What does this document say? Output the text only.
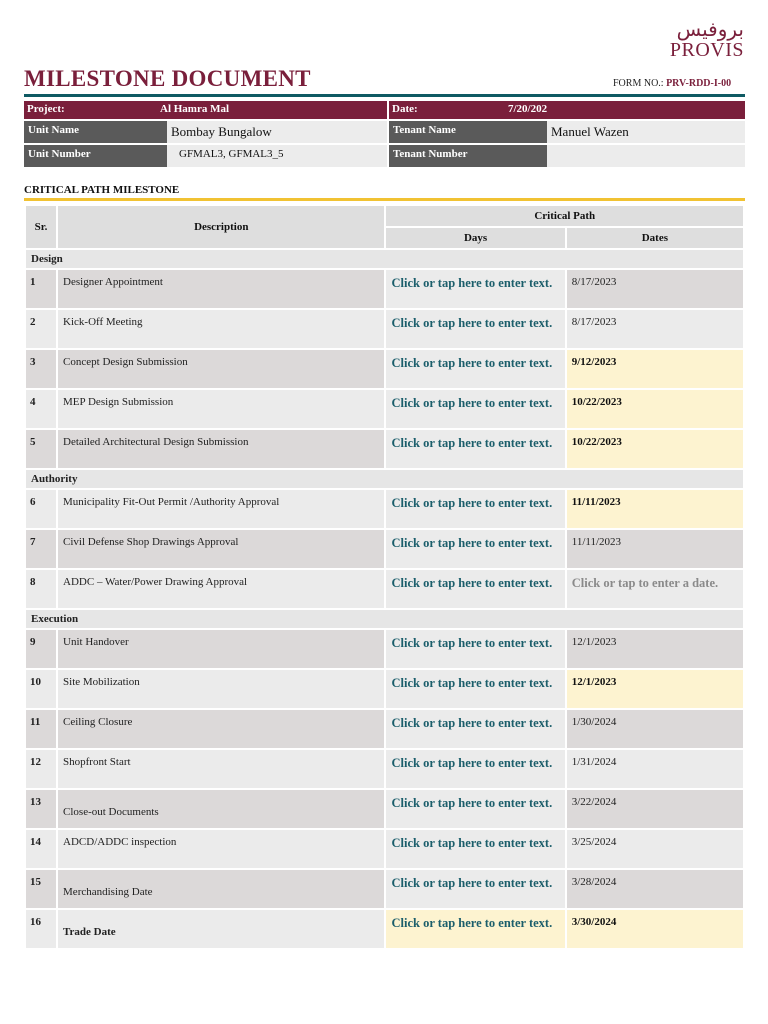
بروفيس
PROVIS
MILESTONE DOCUMENT	FORM NO.: PRV-RDD-I-00
Project:	Al Hamra Mal	Date:	7/20/202
Unit Name	Bombay Bungalow	Tenant Name	Manuel Wazen
Unit Number	GFMAL3, GFMAL3_5	Tenant Number
CRITICAL PATH MILESTONE
Sr.	Description	Critical Path	
		Days	Dates
Design			
1	Designer Appointment	Click or tap here to enter text.	8/17/2023
2	Kick-Off Meeting	Click or tap here to enter text.	8/17/2023
3	Concept Design Submission	Click or tap here to enter text.	9/12/2023
4	MEP Design Submission	Click or tap here to enter text.	10/22/2023
5	Detailed Architectural Design Submission	Click or tap here to enter text.	10/22/2023
Authority			
6	Municipality Fit-Out Permit /Authority Approval	Click or tap here to enter text.	11/11/2023
7	Civil Defense Shop Drawings Approval	Click or tap here to enter text.	11/11/2023
8	ADDC – Water/Power Drawing Approval	Click or tap here to enter text.	Click or tap to enter a date.
Execution			
9	Unit Handover	Click or tap here to enter text.	12/1/2023
10	Site Mobilization	Click or tap here to enter text.	12/1/2023
11	Ceiling Closure	Click or tap here to enter text.	1/30/2024
12	Shopfront Start	Click or tap here to enter text.	1/31/2024
13	Close-out Documents	Click or tap here to enter text.	3/22/2024
14	ADCD/ADDC inspection	Click or tap here to enter text.	3/25/2024
15	Merchandising Date	Click or tap here to enter text.	3/28/2024
16	Trade Date	Click or tap here to enter text.	3/30/2024
